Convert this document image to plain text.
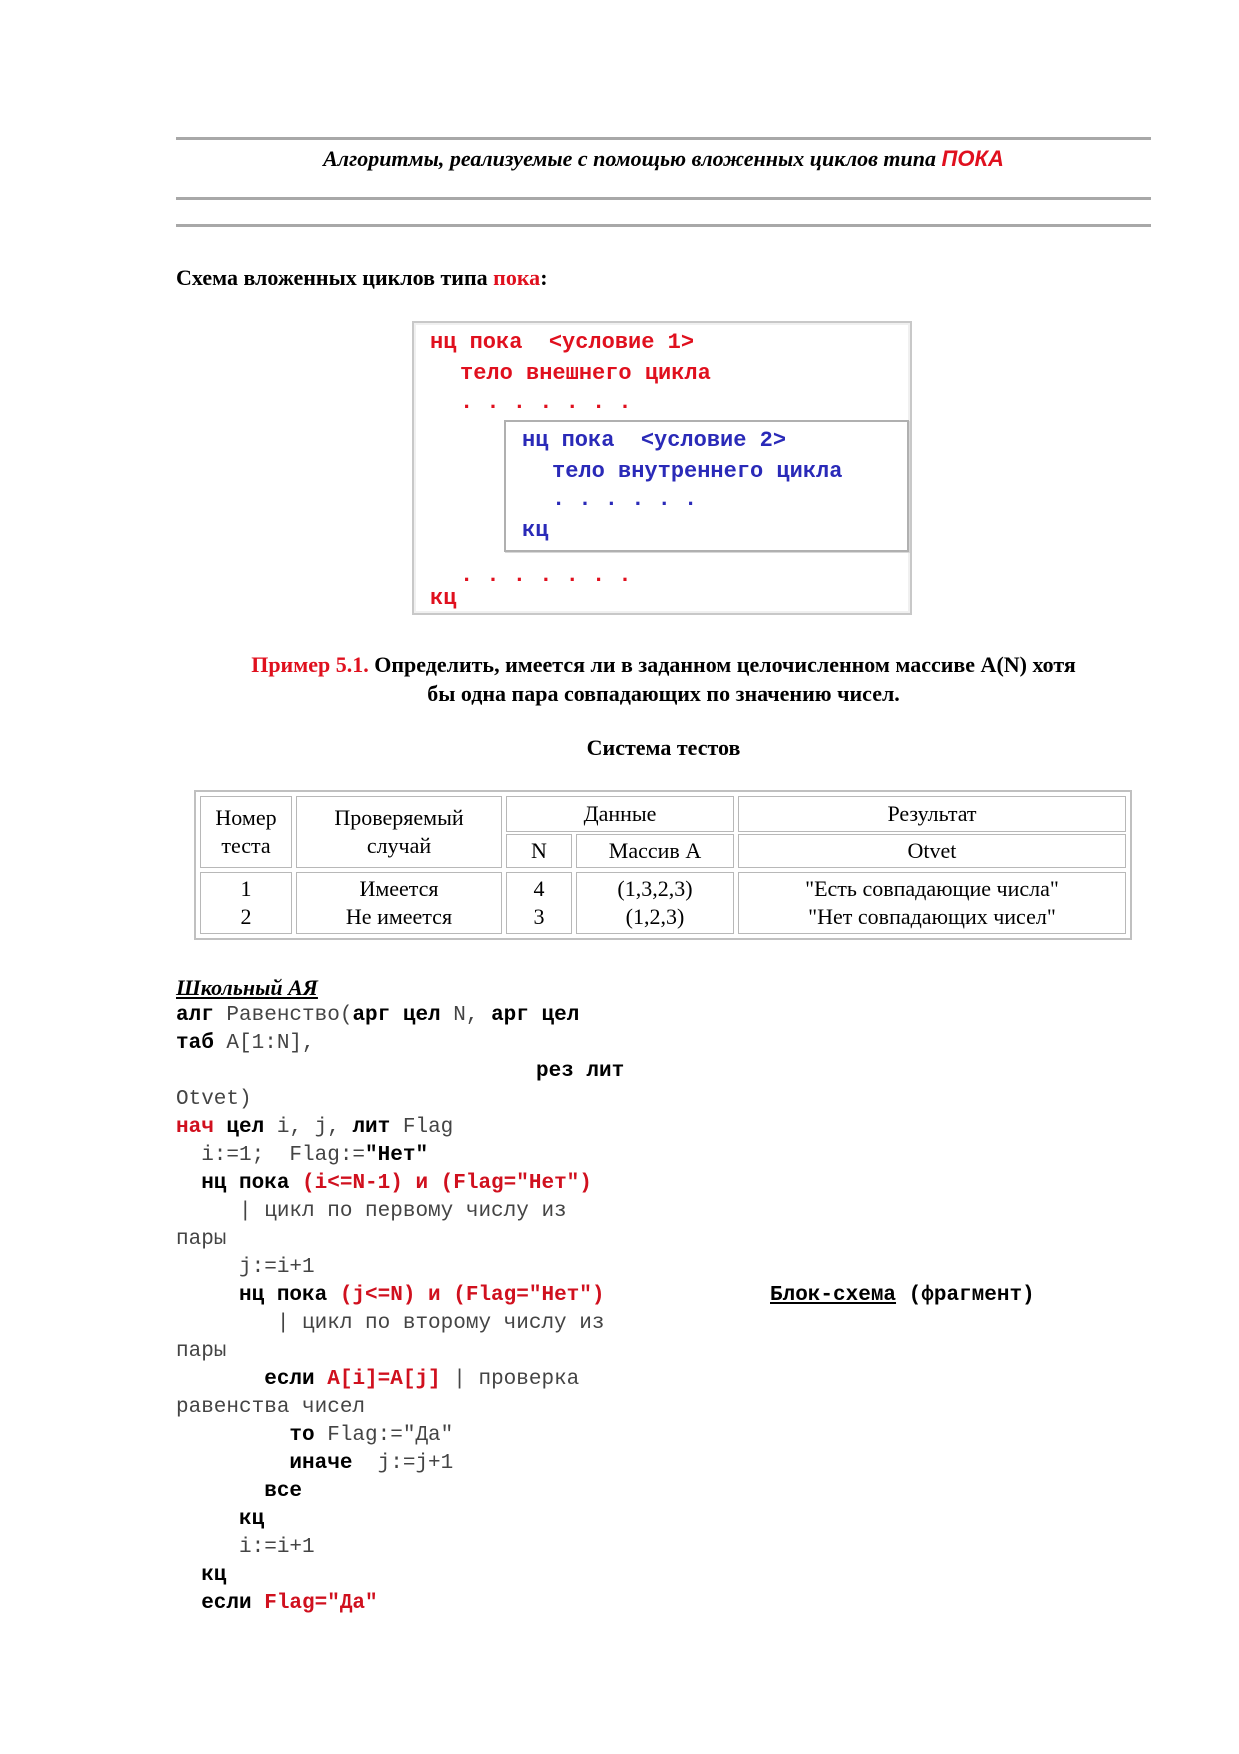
Алгоритмы, реализуемые с помощью вложенных циклов типа ПОКА
Схема вложенных циклов типа пока:
нц пока  <условие 1>
тело внешнего цикла
. . . . . . .
нц пока  <условие 2>
тело внутреннего цикла
. . . . . .
кц
. . . . . . .
кц
Пример 5.1. Определить, имеется ли в заданном целочисленном массиве A(N) хотя
бы одна пара совпадающих по значению чисел.
Система тестов
Номер
теста
Проверяемый
случай
Данные
N	Массив A
Результат
Otvet
1
2
Имеется
Не имеется
4
3
(1,3,2,3)
(1,2,3)
"Есть совпадающие числа"
"Нет совпадающих чисел"
Школьный АЯ
алг Равенство(арг цел N, арг цел
таб A[1:N],
рез лит
Otvet)
нач цел i, j, лит Flag
i:=1;  Flag:="Нет"
нц пока (i<=N-1) и (Flag="Нет")
| цикл по первому числу из
пары
j:=i+1
нц пока (j<=N) и (Flag="Нет")
| цикл по второму числу из
пары
если A[i]=A[j] | проверка
равенства чисел
то Flag:="Да"
иначе  j:=j+1
все
кц
i:=i+1
кц
если Flag="Да"
Блок-схема (фрагмент)
